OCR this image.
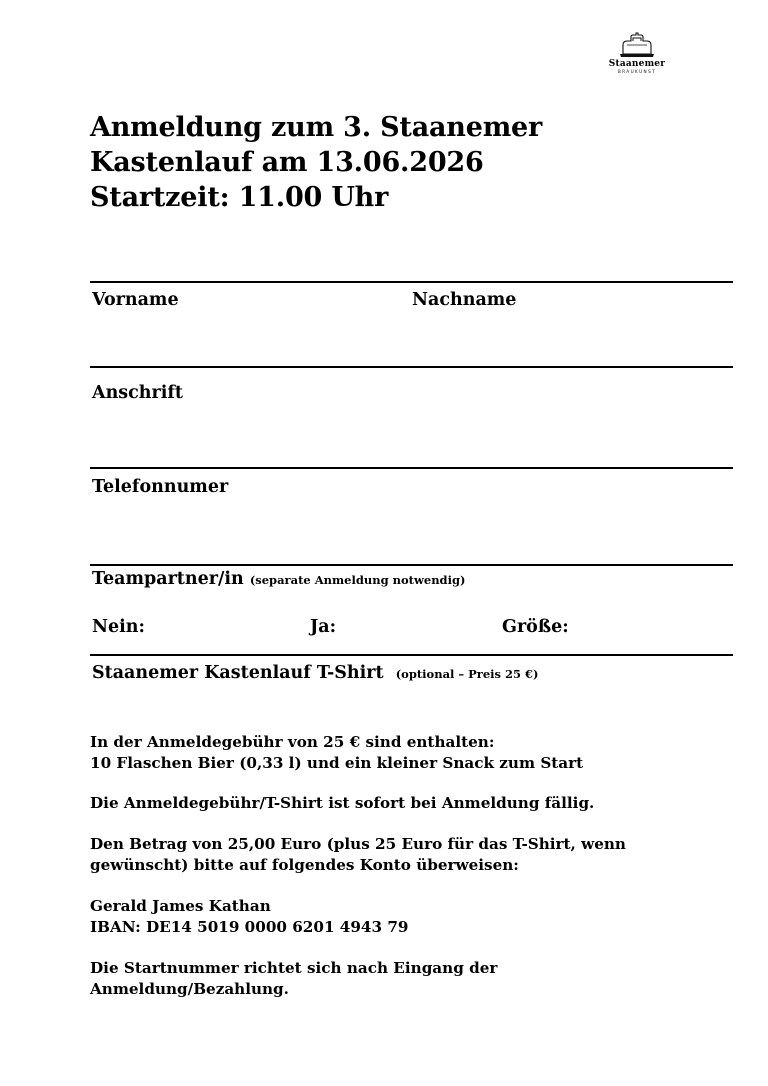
Staanemer
BRAUKUNST
Anmeldung zum 3. Staanemer
Kastenlauf am 13.06.2026
Startzeit: 11.00 Uhr
Vorname	Nachname
Anschrift
Telefonnumer
Teampartner/in (separate Anmeldung notwendig)
Nein:	Ja:	Größe:
Staanemer Kastenlauf T-Shirt (optional – Preis 25 €)
In der Anmeldegebühr von 25 € sind enthalten:
10 Flaschen Bier (0,33 l) und ein kleiner Snack zum Start
Die Anmeldegebühr/T-Shirt ist sofort bei Anmeldung fällig.
Den Betrag von 25,00 Euro (plus 25 Euro für das T-Shirt, wenn
gewünscht) bitte auf folgendes Konto überweisen:
Gerald James Kathan
IBAN: DE14 5019 0000 6201 4943 79
Die Startnummer richtet sich nach Eingang der
Anmeldung/Bezahlung.
